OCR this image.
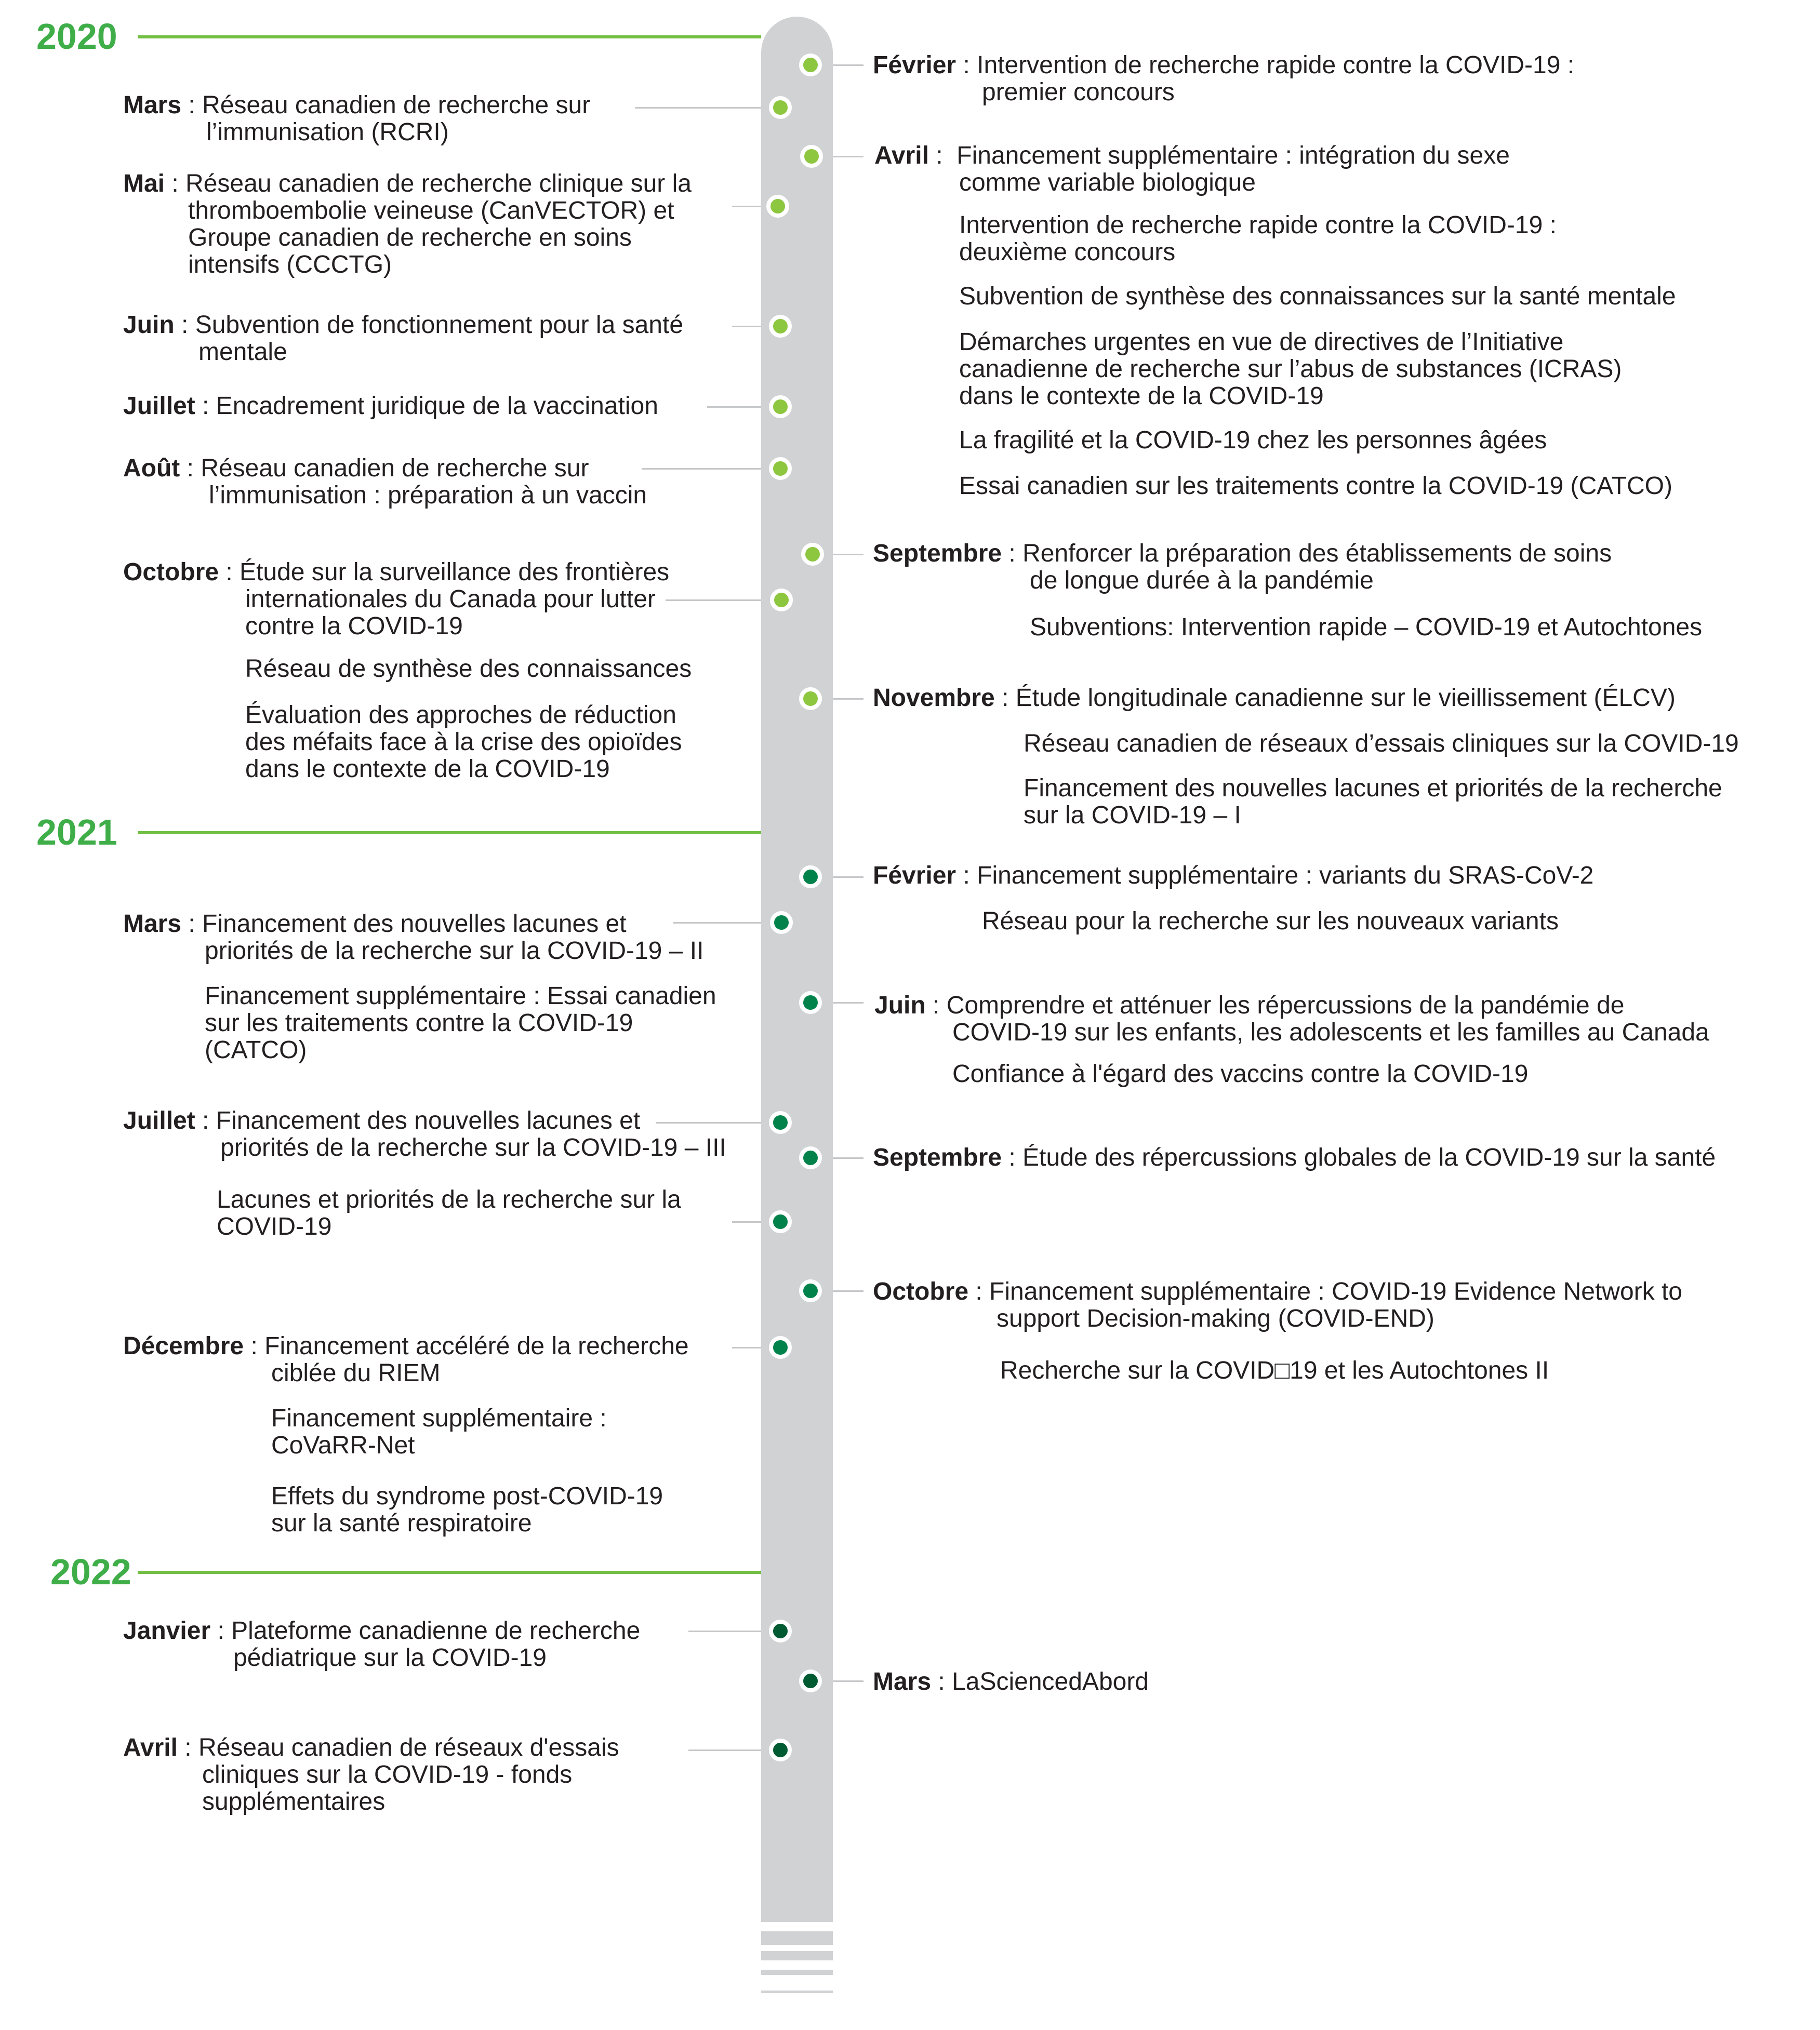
2020
2021
2022
Février : Intervention de recherche rapide contre la COVID-19 :
premier concours
Mars : Réseau canadien de recherche sur
l’immunisation (RCRI)
Avril :  Financement supplémentaire : intégration du sexe
comme variable biologique
Intervention de recherche rapide contre la COVID-19 :
deuxième concours
Mai : Réseau canadien de recherche clinique sur la
thromboembolie veineuse (CanVECTOR) et
Groupe canadien de recherche en soins
intensifs (CCCTG)
Subvention de synthèse des connaissances sur la santé mentale
Juin : Subvention de fonctionnement pour la santé
mentale	Démarches urgentes en vue de directives de l’Initiative
canadienne de recherche sur l’abus de substances (ICRAS)
dans le contexte de la COVID-19
Juillet : Encadrement juridique de la vaccination
La fragilité et la COVID-19 chez les personnes âgées
Août : Réseau canadien de recherche sur
l’immunisation : préparation à un vaccin	Essai canadien sur les traitements contre la COVID-19 (CATCO)
Septembre : Renforcer la préparation des établissements de soins
de longue durée à la pandémie
Octobre : Étude sur la surveillance des frontières
internationales du Canada pour lutter
contre la COVID-19	Subventions: Intervention rapide – COVID-19 et Autochtones
Réseau de synthèse des connaissances
Novembre : Étude longitudinale canadienne sur le vieillissement (ÉLCV)
Évaluation des approches de réduction
des méfaits face à la crise des opioïdes
dans le contexte de la COVID-19
Réseau canadien de réseaux d’essais cliniques sur la COVID-19
Financement des nouvelles lacunes et priorités de la recherche
sur la COVID-19 – I
Février : Financement supplémentaire : variants du SRAS-CoV-2
Mars : Financement des nouvelles lacunes et
priorités de la recherche sur la COVID-19 – II
Réseau pour la recherche sur les nouveaux variants
Financement supplémentaire : Essai canadien
sur les traitements contre la COVID-19
(CATCO)
Juin : Comprendre et atténuer les répercussions de la pandémie de
COVID-19 sur les enfants, les adolescents et les familles au Canada
Confiance à l'égard des vaccins contre la COVID-19
Juillet : Financement des nouvelles lacunes et
priorités de la recherche sur la COVID-19 – III	Septembre : Étude des répercussions globales de la COVID-19 sur la santé
Lacunes et priorités de la recherche sur la
COVID-19
Octobre : Financement supplémentaire : COVID-19 Evidence Network to
support Decision-making (COVID-END)
Décembre : Financement accéléré de la recherche
ciblée du RIEM	Recherche sur la COVID□19 et les Autochtones II
Financement supplémentaire :
CoVaRR-Net
Effets du syndrome post-COVID-19
sur la santé respiratoire
Janvier : Plateforme canadienne de recherche
pédiatrique sur la COVID-19
Mars : LaSciencedAbord
Avril : Réseau canadien de réseaux d'essais
cliniques sur la COVID-19 - fonds
supplémentaires
